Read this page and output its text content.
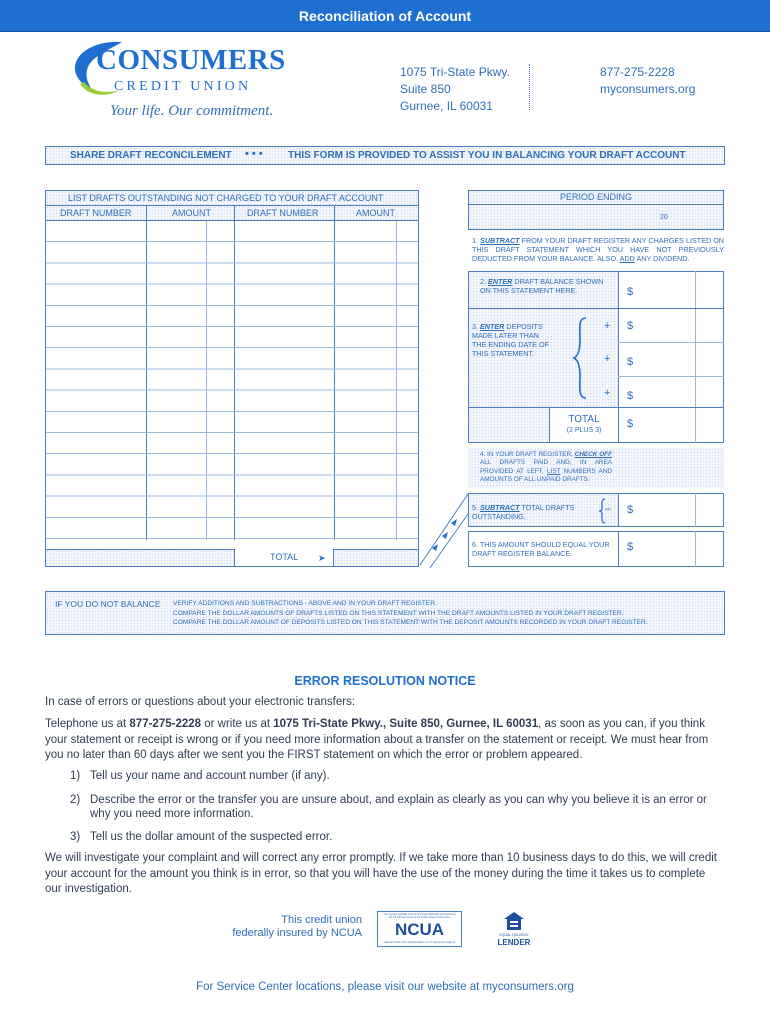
Reconciliation of Account
CONSUMERS
CREDIT UNION
Your life. Our commitment.
1075 Tri-State Pkwy.
Suite 850
Gurnee, IL 60031
877-275-2228
myconsumers.org
SHARE DRAFT RECONCILEMENT • • •	THIS FORM IS PROVIDED TO ASSIST YOU IN BALANCING YOUR DRAFT ACCOUNT
LIST DRAFTS OUTSTANDING NOT CHARGED TO YOUR DRAFT ACCOUNT
DRAFT NUMBER	AMOUNT	DRAFT NUMBER	AMOUNT
TOTAL ➤
PERIOD ENDING
20
1. SUBTRACT FROM YOUR DRAFT REGISTER ANY CHARGES LISTED ON THIS DRAFT STATEMENT WHICH YOU HAVE NOT PREVIOUSLY DEDUCTED FROM YOUR BALANCE. ALSO, ADD ANY DIVIDEND.
2. ENTER DRAFT BALANCE SHOWN ON THIS STATEMENT HERE.	$
3. ENTER DEPOSITS MADE LATER THAN THE ENDING DATE OF THIS STATEMENT.
+ $
+ $
+ $
TOTAL
(2 PLUS 3)
$
4. IN YOUR DRAFT REGISTER, CHECK OFF ALL DRAFTS PAID AND, IN AREA PROVIDED AT LEFT, LIST NUMBERS AND AMOUNTS OF ALL UNPAID DRAFTS.
5. SUBTRACT TOTAL DRAFTS OUTSTANDING.
– $
6. THIS AMOUNT SHOULD EQUAL YOUR DRAFT REGISTER BALANCE.
$
IF YOU DO NOT BALANCE VERIFY ADDITIONS AND SUBTRACTIONS - ABOVE AND IN YOUR DRAFT REGISTER.
COMPARE THE DOLLAR AMOUNTS OF DRAFTS LISTED ON THIS STATEMENT WITH THE DRAFT AMOUNTS LISTED IN YOUR DRAFT REGISTER.
COMPARE THE DOLLAR AMOUNT OF DEPOSITS LISTED ON THIS STATEMENT WITH THE DEPOSIT AMOUNTS RECORDED IN YOUR DRAFT REGISTER.
ERROR RESOLUTION NOTICE
In case of errors or questions about your electronic transfers:
Telephone us at 877-275-2228 or write us at 1075 Tri-State Pkwy., Suite 850, Gurnee, IL 60031, as soon as you can, if you think your statement or receipt is wrong or if you need more information about a transfer on the statement or receipt. We must hear from you no later than 60 days after we sent you the FIRST statement on which the error or problem appeared.
1) Tell us your name and account number (if any).
2) Describe the error or the transfer you are unsure about, and explain as clearly as you can why you believe it is an error or why you need more information.
3) Tell us the dollar amount of the suspected error.
We will investigate your complaint and will correct any error promptly. If we take more than 10 business days to do this, we will credit your account for the amount you think is in error, so that you will have the use of the money during the time it takes us to complete our investigation.
This credit union
federally insured by NCUA
Your savings federally insured to at least $250,000 and backed by the full faith and credit of the United States Government
NCUA
National Credit Union Administration, a U.S. Government Agency
EQUAL HOUSING
LENDER
For Service Center locations, please visit our website at myconsumers.org
